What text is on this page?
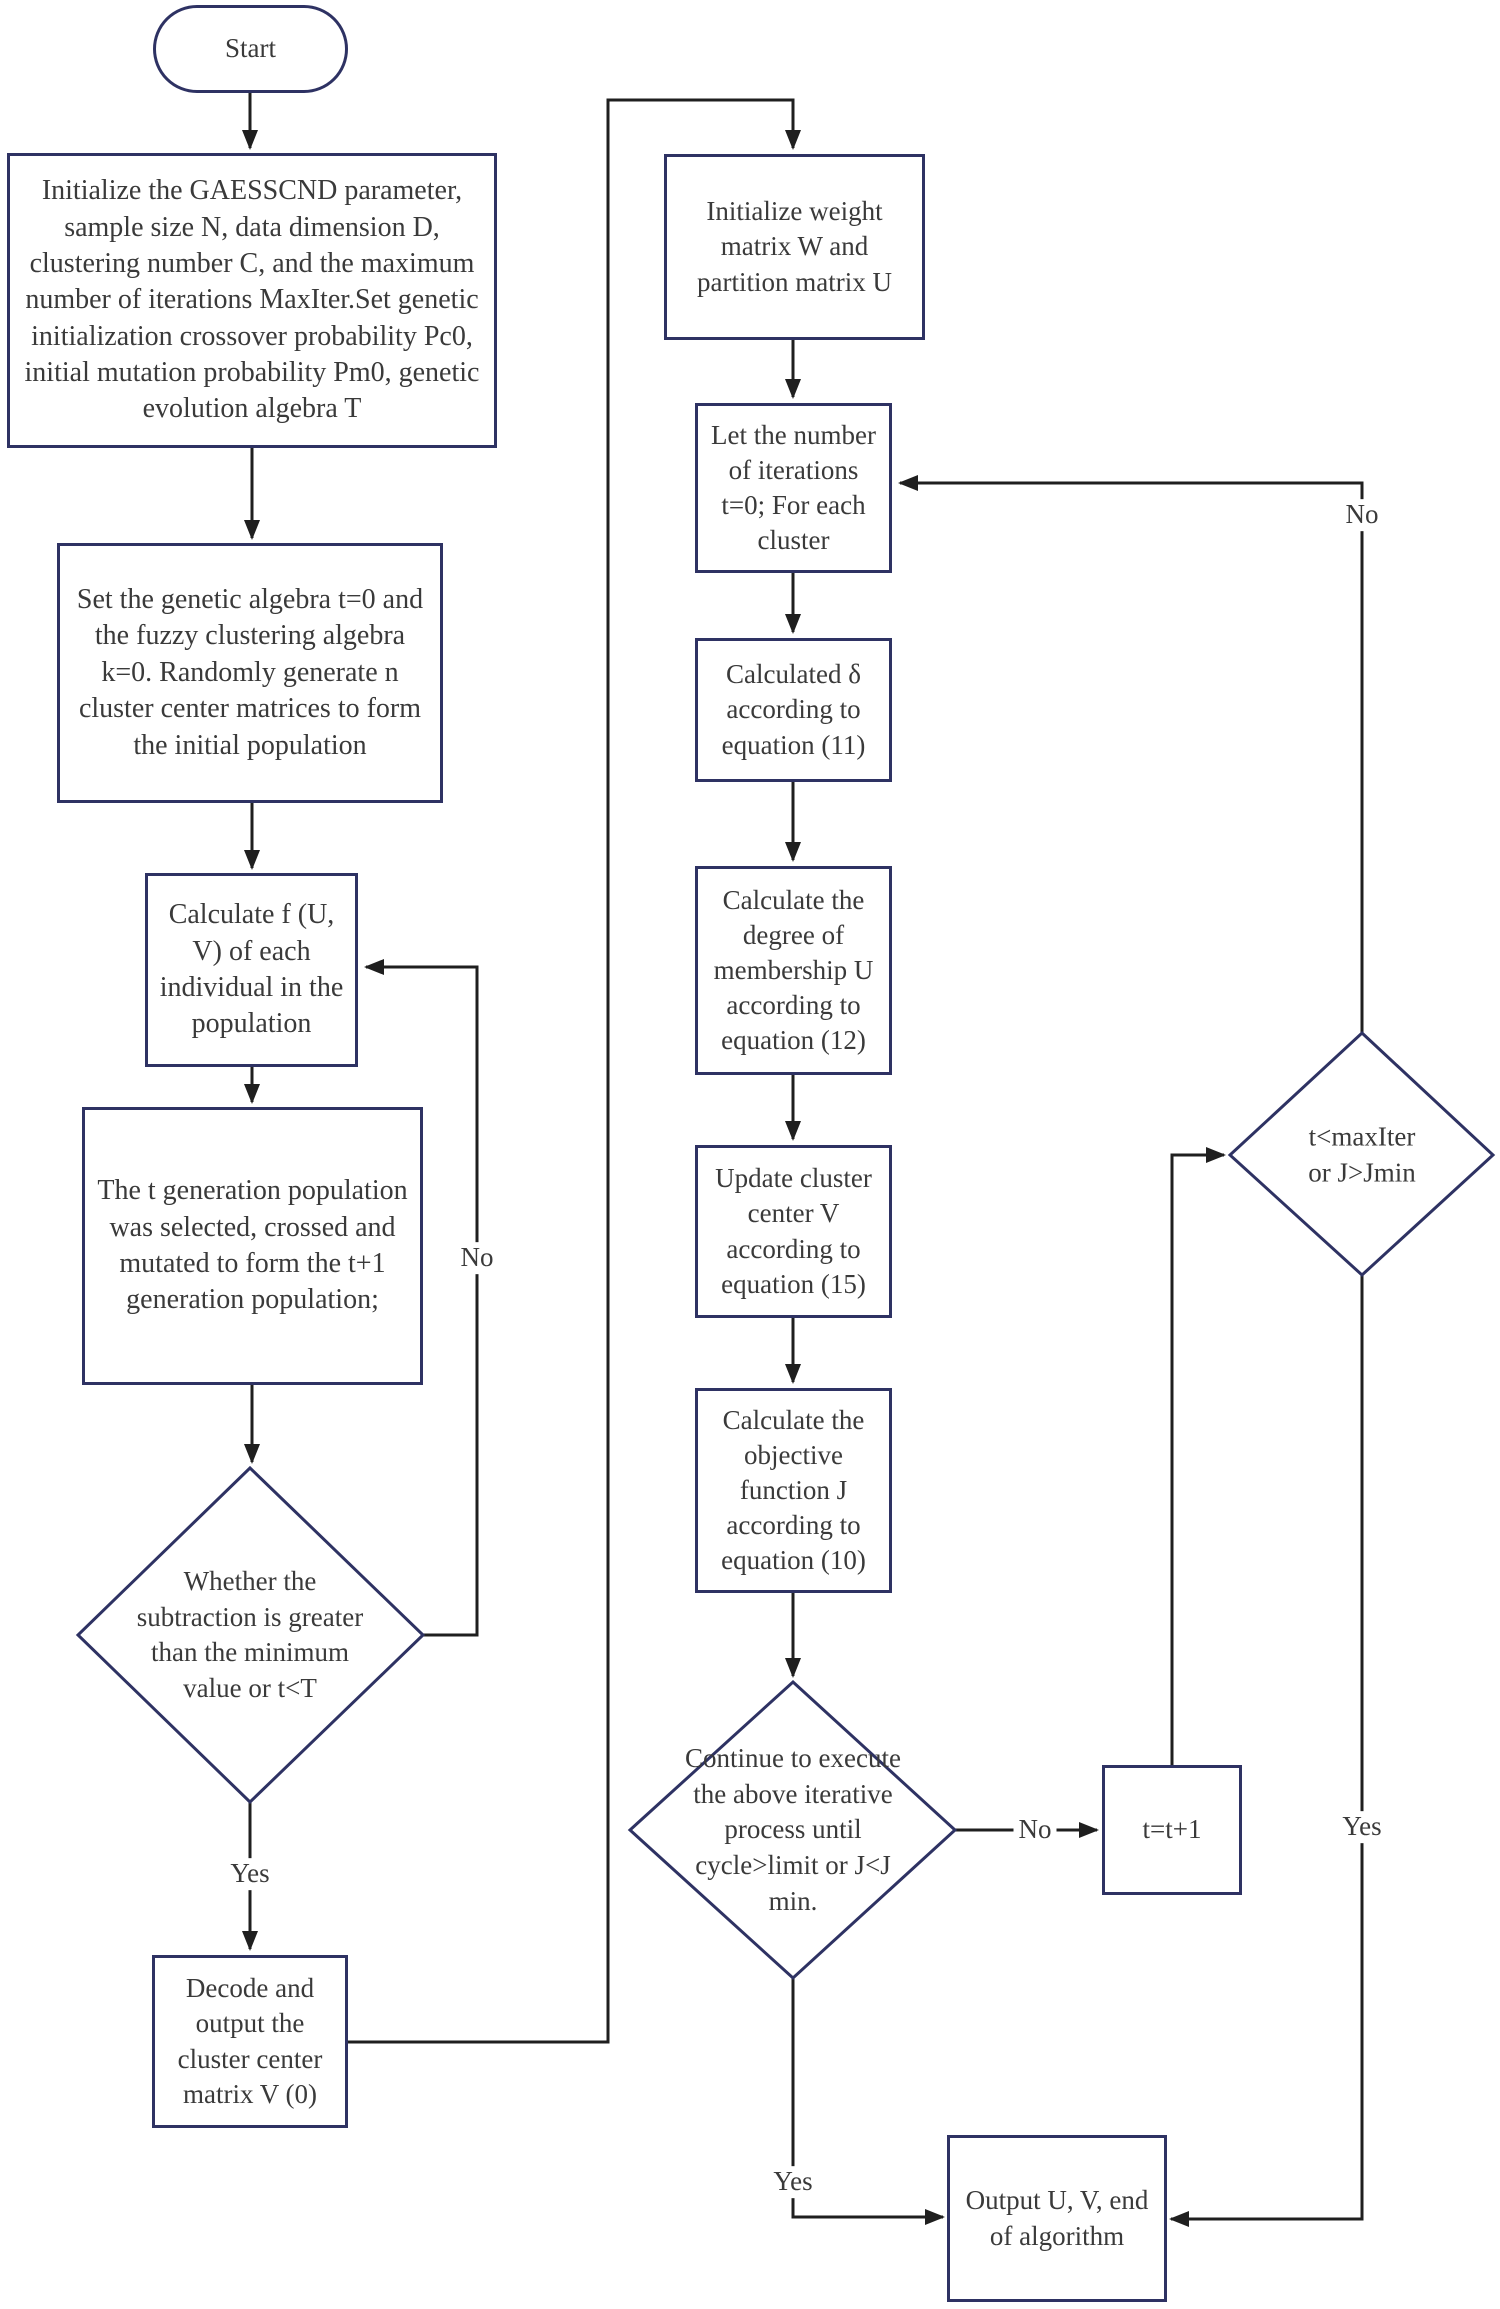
Start
Initialize the GAESSCND parameter, sample size N, data dimension D, clustering number C, and the maximum number of iterations MaxIter.Set genetic initialization crossover probability Pc0, initial mutation probability Pm0, genetic evolution algebra T
Set the genetic algebra t=0 and the fuzzy clustering algebra k=0. Randomly generate n cluster center matrices to form the initial population
Calculate f (U, V) of each individual in the population
The t generation population was selected, crossed and mutated to form the t+1 generation population;
Decode and output the cluster center matrix V (0)
Initialize weight matrix W and partition matrix U
Let the number of iterations t=0; For each cluster
Calculated δ according to equation (11)
Calculate the degree of membership U according to equation (12)
Update cluster center V according to equation (15)
Calculate the objective function J according to equation (10)
t=t+1
Output U, V, end of algorithm
Whether the subtraction is greater than the minimum value or t<T
Continue to execute the above iterative process until cycle>limit or J<J min.
t<maxIter or J>Jmin
No
Yes
No
Yes
No
Yes
